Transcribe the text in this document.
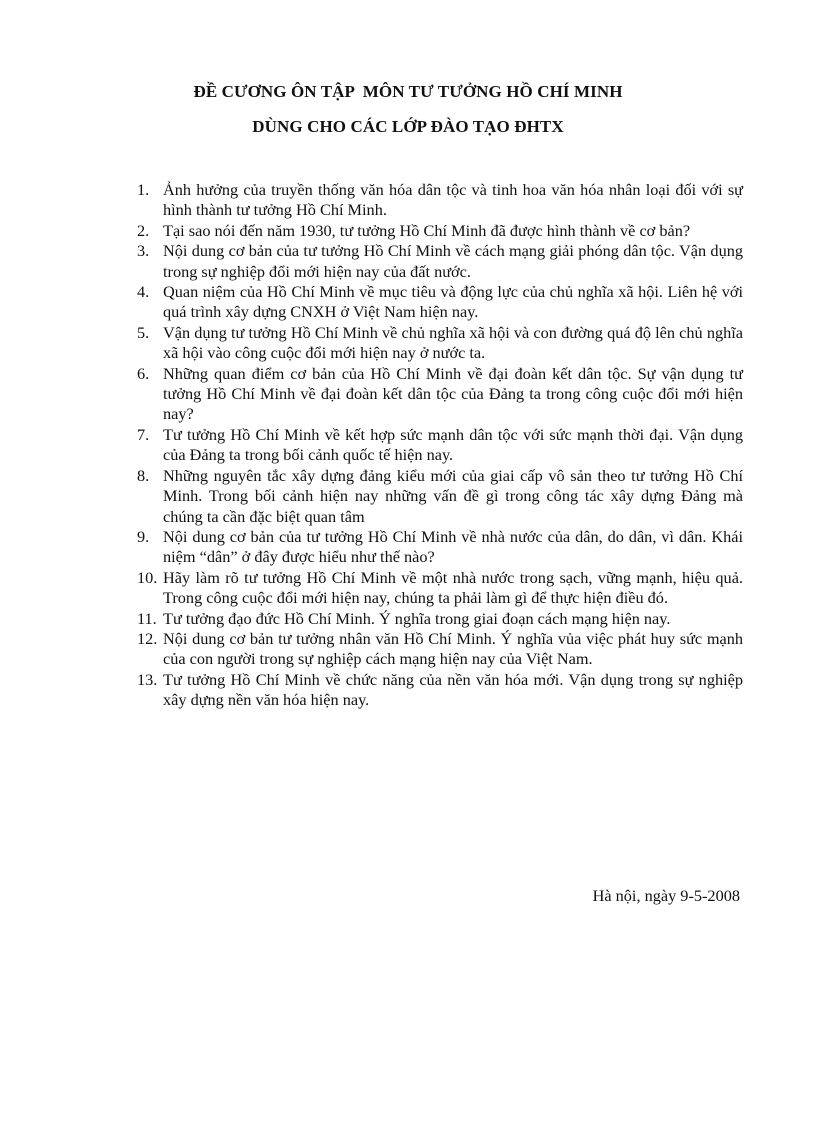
ĐỀ CƯƠNG ÔN TẬP  MÔN TƯ TƯỞNG HỒ CHÍ MINH
DÙNG CHO CÁC LỚP ĐÀO TẠO ĐHTX
1. Ảnh hưởng của truyền thống văn hóa dân tộc và tinh hoa văn hóa nhân loại đối với sự hình thành tư tưởng Hồ Chí Minh.
2. Tại sao nói đến năm 1930, tư tưởng Hồ Chí Minh đã được hình thành về cơ bản?
3. Nội dung cơ bản của tư tưởng Hồ Chí Minh về cách mạng giải phóng dân tộc. Vận dụng trong sự nghiệp đổi mới hiện nay của đất nước.
4. Quan niệm của Hồ Chí Minh về mục tiêu và động lực của chủ nghĩa xã hội. Liên hệ với quá trình xây dựng CNXH ở Việt Nam hiện nay.
5. Vận dụng tư tưởng Hồ Chí Minh về chủ nghĩa xã hội và con đường quá độ lên chủ nghĩa xã hội vào công cuộc đổi mới hiện nay ở nước ta.
6. Những quan điểm cơ bản của Hồ Chí Minh về đại đoàn kết dân tộc. Sự vận dụng tư tưởng Hồ Chí Minh về đại đoàn kết dân tộc của Đảng ta trong công cuộc đổi mới hiện nay?
7. Tư tưởng Hồ Chí Minh về kết hợp sức mạnh dân tộc với sức mạnh thời đại. Vận dụng của Đảng ta trong bối cảnh quốc tế hiện nay.
8. Những nguyên tắc xây dựng đảng kiểu mới của giai cấp vô sản theo tư tưởng Hồ Chí Minh. Trong bối cảnh hiện nay những vấn đề gì trong công tác xây dựng Đảng mà chúng ta cần đặc biệt quan tâm
9. Nội dung cơ bản của tư tưởng Hồ Chí Minh về nhà nước của dân, do dân, vì dân. Khái niệm “dân” ở đây được hiểu như thế nào?
10. Hãy làm rõ tư tưởng Hồ Chí Minh về một nhà nước trong sạch, vững mạnh, hiệu quả. Trong công cuộc đổi mới hiện nay, chúng ta phải làm gì để thực hiện điều đó.
11. Tư tưởng đạo đức Hồ Chí Minh. Ý nghĩa trong giai đoạn cách mạng hiện nay.
12. Nội dung cơ bản tư tưởng nhân văn Hồ Chí Minh. Ý nghĩa vủa việc phát huy sức mạnh của con người trong sự nghiệp cách mạng hiện nay của Việt Nam.
13. Tư tưởng Hồ Chí Minh về chức năng của nền văn hóa mới. Vận dụng trong sự nghiệp xây dựng nền văn hóa hiện nay.
Hà nội, ngày 9-5-2008
